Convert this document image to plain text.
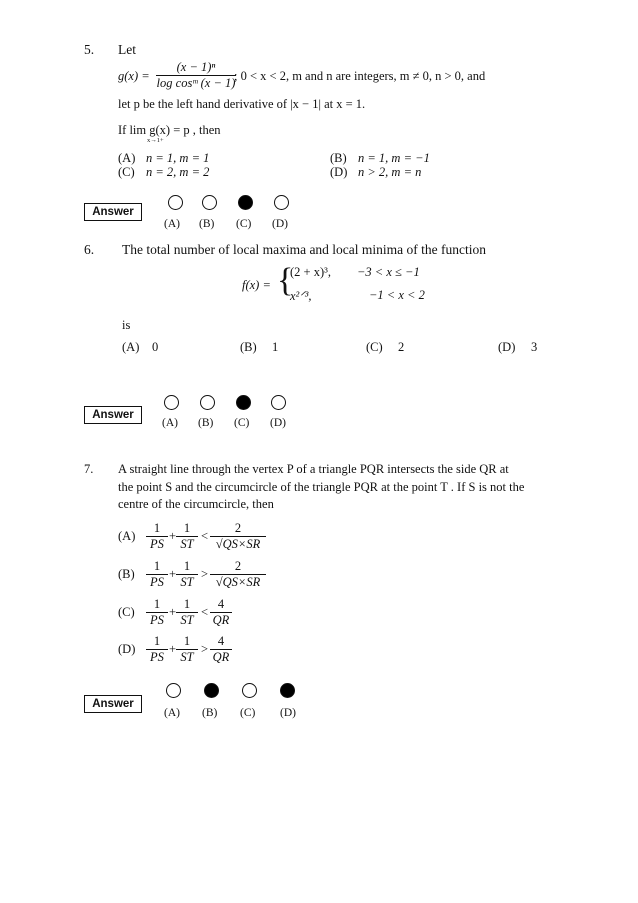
5. Let
$g(x) = \frac{\text{(x − 1)ⁿ}}{\text{log cosᵐ (x − 1)}}$
; 0 < x < 2, m and n are integers, m ≠ 0, n > 0, and
let p be the left hand derivative of |x − 1| at x = 1.
If lim g(x) = p , then
x→1+
(A) n = 1, m = 1	(B) n = 1, m = −1
(C) n = 2, m = 2	(D) n > 2, m = n
Answer
(A) (B) (C) (D)
6. The total number of local maxima and local minima of the function
f(x) = {
(2 + x)³, −3 < x ≤ −1
x²ᐟ³,	−1 < x < 2
is
(A) 0	(B) 1	(C) 2	(D) 3
Answer
(A) (B) (C) (D)
7. A straight line through the vertex P of a triangle PQR intersects the side QR at
the point S and the circumcircle of the triangle PQR at the point T . If S is not the
centre of the circumcircle, then
$(A) \frac{1}{PS} + \frac{1}{ST} < \frac{2}{√QS\times SR}$
$(B) \frac{1}{PS} + \frac{1}{ST} > \frac{2}{√QS\times SR}$
$(C) \frac{1}{PS} + \frac{1}{ST} < \frac{4}{QR}$
$(D) \frac{1}{PS} + \frac{1}{ST} > \frac{4}{QR}$
Answer
(A) (B) (C) (D)
